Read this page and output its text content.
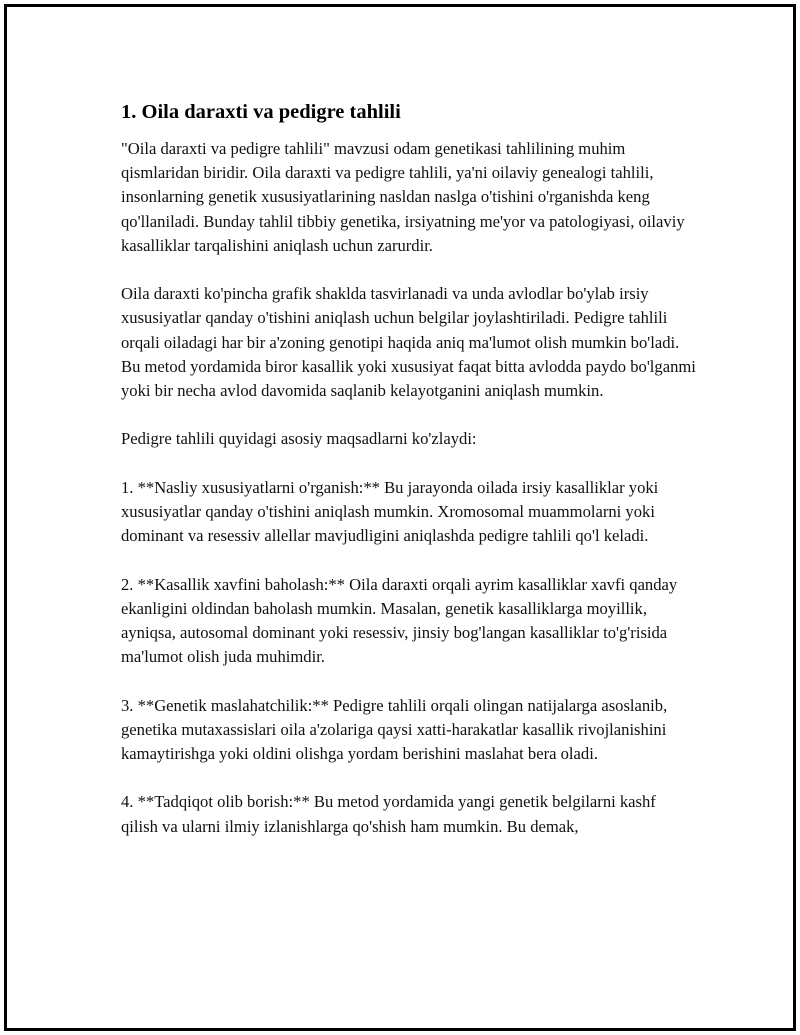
1. Oila daraxti va pedigre tahlili

"Oila daraxti va pedigre tahlili" mavzusi odam genetikasi tahlilining muhim qismlaridan biridir. Oila daraxti va pedigre tahlili, ya'ni oilaviy genealogi tahlili, insonlarning genetik xususiyatlarining nasldan naslga o'tishini o'rganishda keng qo'llaniladi. Bunday tahlil tibbiy genetika, irsiyatning me'yor va patologiyasi, oilaviy kasalliklar tarqalishini aniqlash uchun zarurdir.

Oila daraxti ko'pincha grafik shaklda tasvirlanadi va unda avlodlar bo'ylab irsiy xususiyatlar qanday o'tishini aniqlash uchun belgilar joylashtiriladi. Pedigre tahlili orqali oiladagi har bir a'zoning genotipi haqida aniq ma'lumot olish mumkin bo'ladi. Bu metod yordamida biror kasallik yoki xususiyat faqat bitta avlodda paydo bo'lganmi yoki bir necha avlod davomida saqlanib kelayotganini aniqlash mumkin.

Pedigre tahlili quyidagi asosiy maqsadlarni ko'zlaydi:

1. **Nasliy xususiyatlarni o'rganish:** Bu jarayonda oilada irsiy kasalliklar yoki xususiyatlar qanday o'tishini aniqlash mumkin. Xromosomal muammolarni yoki dominant va resessiv allellar mavjudligini aniqlashda pedigre tahlili qo'l keladi.

2. **Kasallik xavfini baholash:** Oila daraxti orqali ayrim kasalliklar xavfi qanday ekanligini oldindan baholash mumkin. Masalan, genetik kasalliklarga moyillik, ayniqsa, autosomal dominant yoki resessiv, jinsiy bog'langan kasalliklar to'g'risida ma'lumot olish juda muhimdir.

3. **Genetik maslahatchilik:** Pedigre tahlili orqali olingan natijalarga asoslanib, genetika mutaxassislari oila a'zolariga qaysi xatti-harakatlar kasallik rivojlanishini kamaytirishga yoki oldini olishga yordam berishini maslahat bera oladi.

4. **Tadqiqot olib borish:** Bu metod yordamida yangi genetik belgilarni kashf qilish va ularni ilmiy izlanishlarga qo'shish ham mumkin. Bu demak,
